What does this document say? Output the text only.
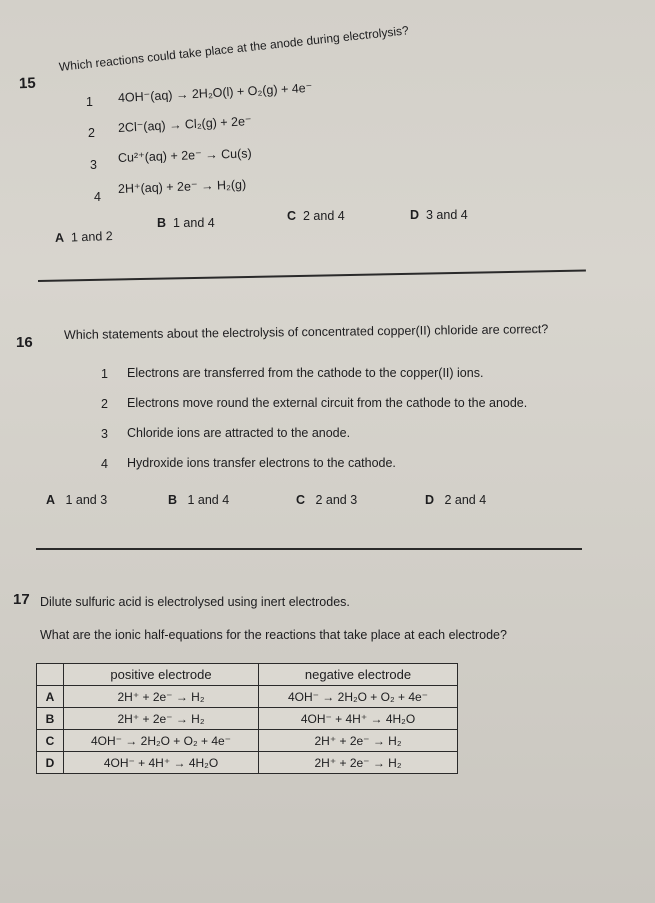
15
Which reactions could take place at the anode during electrolysis?
1 4OH⁻(aq) → 2H₂O(l) + O₂(g) + 4e⁻
2 2Cl⁻(aq) → Cl₂(g) + 2e⁻
3
Cu²⁺(aq) + 2e⁻ → Cu(s)
4
2H⁺(aq) + 2e⁻ → H₂(g)
A 1 and 2
B 1 and 4	C 2 and 4	D 3 and 4
16
Which statements about the electrolysis of concentrated copper(II) chloride are correct?
1 Electrons are transferred from the cathode to the copper(II) ions.
2 Electrons move round the external circuit from the cathode to the anode.
3 Chloride ions are attracted to the anode.
4 Hydroxide ions transfer electrons to the cathode.
A 1 and 3	B 1 and 4	C 2 and 3	D 2 and 4
17 Dilute sulfuric acid is electrolysed using inert electrodes.
What are the ionic half-equations for the reactions that take place at each electrode?
	positive electrode	negative electrode
A	2H⁺ + 2e⁻ → H₂	4OH⁻ → 2H₂O + O₂ + 4e⁻
B	2H⁺ + 2e⁻ → H₂	4OH⁻ + 4H⁺ → 4H₂O
C	4OH⁻ → 2H₂O + O₂ + 4e⁻	2H⁺ + 2e⁻ → H₂
D	4OH⁻ + 4H⁺ → 4H₂O	2H⁺ + 2e⁻ → H₂
